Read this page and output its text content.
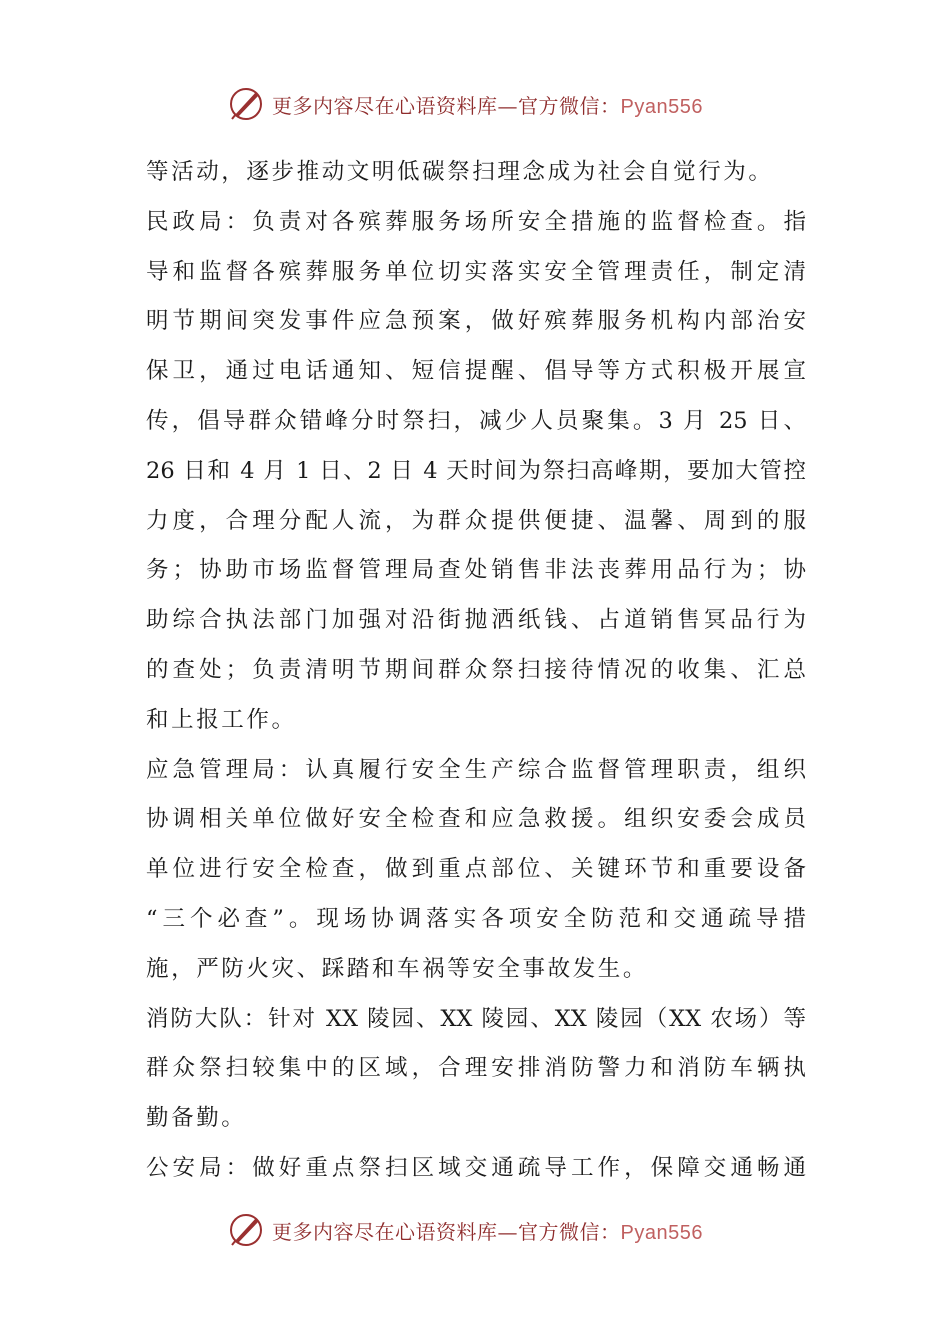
更多内容尽在心语资料库—官方微信：Pyan556
等活动，逐步推动文明低碳祭扫理念成为社会自觉行为。
民政局：负责对各殡葬服务场所安全措施的监督检查。指
导和监督各殡葬服务单位切实落实安全管理责任，制定清
明节期间突发事件应急预案，做好殡葬服务机构内部治安
保卫，通过电话通知、短信提醒、倡导等方式积极开展宣
传，倡导群众错峰分时祭扫，减少人员聚集。3 月 25 日、
26 日和 4 月 1 日、2 日 4 天时间为祭扫高峰期，要加大管控
力度，合理分配人流，为群众提供便捷、温馨、周到的服
务；协助市场监督管理局查处销售非法丧葬用品行为；协
助综合执法部门加强对沿街抛洒纸钱、占道销售冥品行为
的查处；负责清明节期间群众祭扫接待情况的收集、汇总
和上报工作。
应急管理局：认真履行安全生产综合监督管理职责，组织
协调相关单位做好安全检查和应急救援。组织安委会成员
单位进行安全检查，做到重点部位、关键环节和重要设备
“三个必查”。现场协调落实各项安全防范和交通疏导措
施，严防火灾、踩踏和车祸等安全事故发生。
消防大队：针对 XX 陵园、XX 陵园、XX 陵园（XX 农场）等
群众祭扫较集中的区域，合理安排消防警力和消防车辆执
勤备勤。
公安局：做好重点祭扫区域交通疏导工作，保障交通畅通
更多内容尽在心语资料库—官方微信：Pyan556
